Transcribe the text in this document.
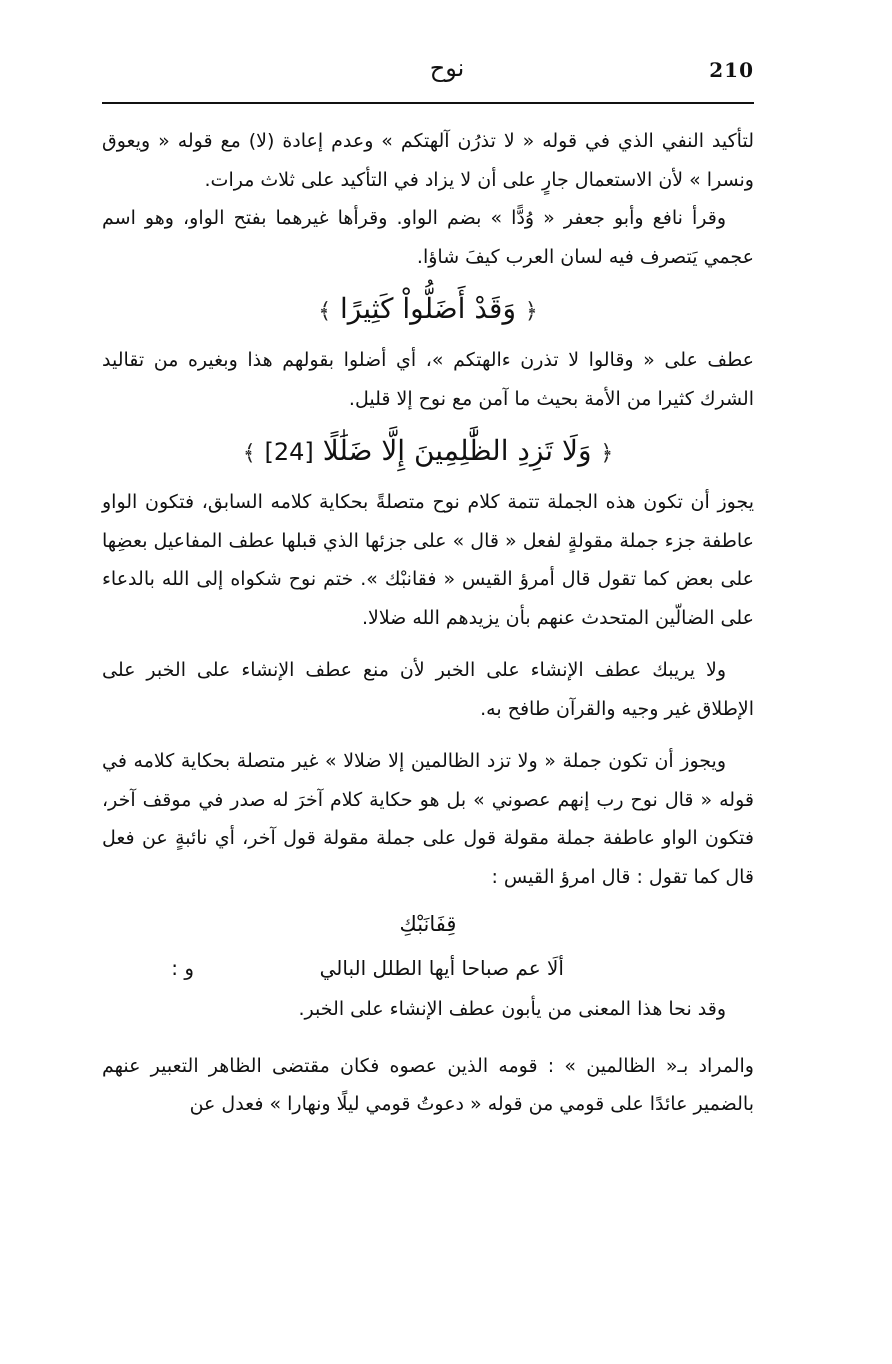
210
نوح

لتأكيد النفي الذي في قوله « لا تذرُن آلهتكم » وعدم إعادة (لا) مع قوله « ويعوق ونسرا » لأن الاستعمال جارٍ على أن لا يزاد في التأكيد على ثلاث مرات.

وقرأ نافع وأبو جعفر « وُدًّا » بضم الواو. وقرأها غيرهما بفتح الواو، وهو اسم عجمي يَتصرف فيه لسان العرب كيفَ شاؤا.

﴿ وَقَدْ أَضَلُّواْ كَثِيرًا ﴾

عطف على « وقالوا لا تذرن ءالهتكم »، أي أضلوا بقولهم هذا وبغيره من تقاليد الشرك كثيرا من الأمة بحيث ما آمن مع نوح إلا قليل.

﴿ وَلَا تَزِدِ الظَّٰلِمِينَ إِلَّا ضَلَٰلًا [24] ﴾

يجوز أن تكون هذه الجملة تتمة كلام نوح متصلةً بحكاية كلامه السابق، فتكون الواو عاطفة جزء جملة مقولةٍ لفعل « قال » على جزئها الذي قبلها عطف المفاعيل بعضِها على بعض كما تقول قال أمرؤ القيس « فقانبْك ». ختم نوح شكواه إلى الله بالدعاء على الضالّين المتحدث عنهم بأن يزيدهم الله ضلالا.

ولا يريبك عطف الإنشاء على الخبر لأن منع عطف الإنشاء على الخبر على الإطلاق غير وجيه والقرآن طافح به.

ويجوز أن تكون جملة « ولا تزد الظالمين إلا ضلالا » غير متصلة بحكاية كلامه في قوله « قال نوح رب إنهم عصوني » بل هو حكاية كلام آخرَ له صدر في موقف آخر، فتكون الواو عاطفة جملة مقولة قول على جملة مقولة قول آخر، أي نائبةٍ عن فعل قال كما تقول : قال امرؤ القيس :

قِفَانَبْكِ
و :	ألَا عم صباحا أيها الطلل البالي

وقد نحا هذا المعنى من يأبون عطف الإنشاء على الخبر.

والمراد بـ« الظالمين » : قومه الذين عصوه فكان مقتضى الظاهر التعبير عنهم بالضمير عائدًا على قومي من قوله « دعوتُ قومي ليلًا ونهارا » فعدل عن
